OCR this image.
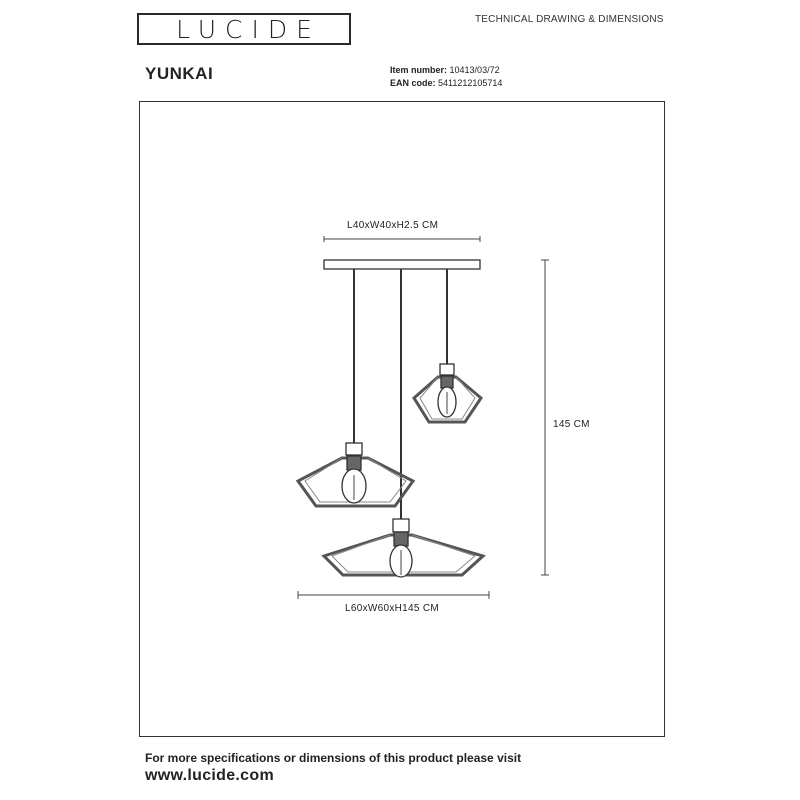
LUCIDE	TECHNICAL DRAWING & DIMENSIONS
YUNKAI	Item number: 10413/03/72
EAN code: 5411212105714
L40xW40xH2.5 CM
145 CM
L60xW60xH145 CM
For more specifications or dimensions of this product please visit
www.lucide.com
